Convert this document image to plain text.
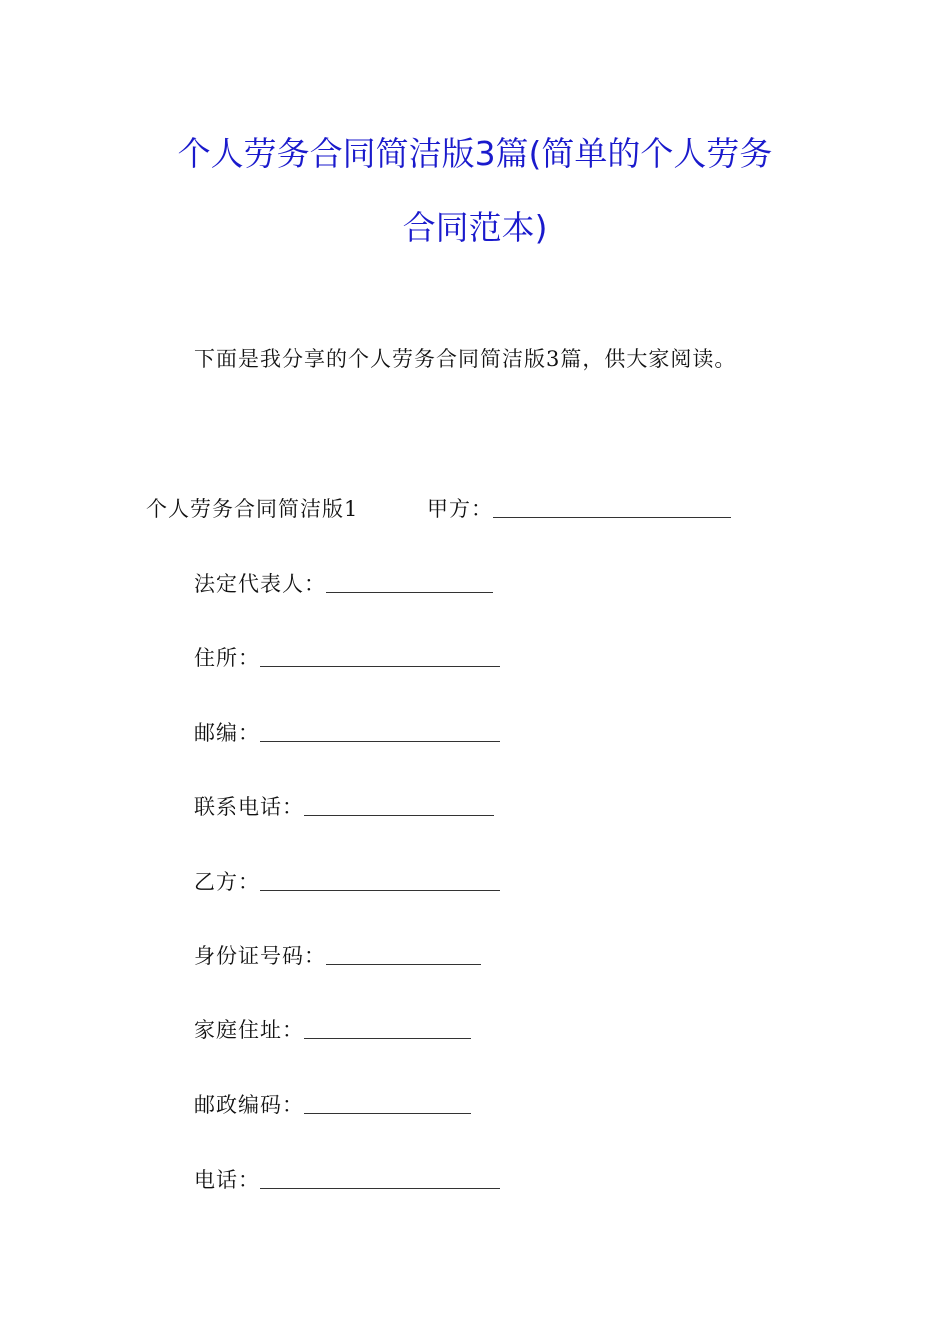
个人劳务合同简洁版3篇(简单的个人劳务
合同范本)
下面是我分享的个人劳务合同简洁版3篇，供大家阅读。
个人劳务合同简洁版1	甲方：
法定代表人：
住所：
邮编：
联系电话：
乙方：
身份证号码：
家庭住址：
邮政编码：
电话：
